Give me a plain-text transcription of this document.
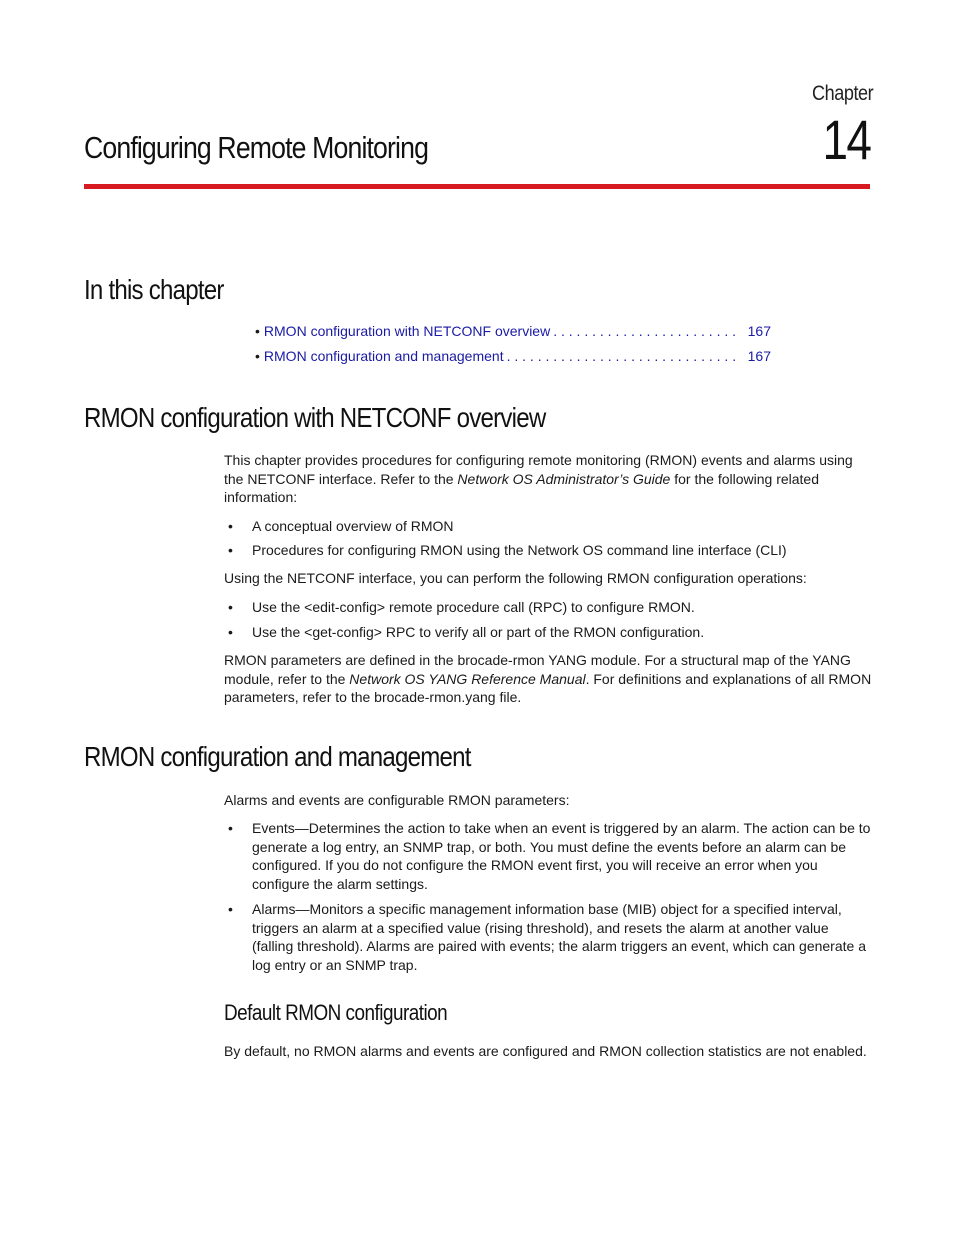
Chapter
14
Configuring Remote Monitoring
In this chapter
• RMON configuration with NETCONF overview . . .	167
• RMON configuration and management . . .	167
RMON configuration with NETCONF overview

This chapter provides procedures for configuring remote monitoring (RMON) events and alarms using the NETCONF interface. Refer to the Network OS Administrator’s Guide for the following related information:

• A conceptual overview of RMON
• Procedures for configuring RMON using the Network OS command line interface (CLI)

Using the NETCONF interface, you can perform the following RMON configuration operations:

• Use the <edit-config> remote procedure call (RPC) to configure RMON.
• Use the <get-config> RPC to verify all or part of the RMON configuration.

RMON parameters are defined in the brocade-rmon YANG module. For a structural map of the YANG module, refer to the Network OS YANG Reference Manual. For definitions and explanations of all RMON parameters, refer to the brocade-rmon.yang file.

RMON configuration and management

Alarms and events are configurable RMON parameters:

• Events—Determines the action to take when an event is triggered by an alarm. The action can be to generate a log entry, an SNMP trap, or both. You must define the events before an alarm can be configured. If you do not configure the RMON event first, you will receive an error when you configure the alarm settings.
• Alarms—Monitors a specific management information base (MIB) object for a specified interval, triggers an alarm at a specified value (rising threshold), and resets the alarm at another value (falling threshold). Alarms are paired with events; the alarm triggers an event, which can generate a log entry or an SNMP trap.
Default RMON configuration

By default, no RMON alarms and events are configured and RMON collection statistics are not enabled.
